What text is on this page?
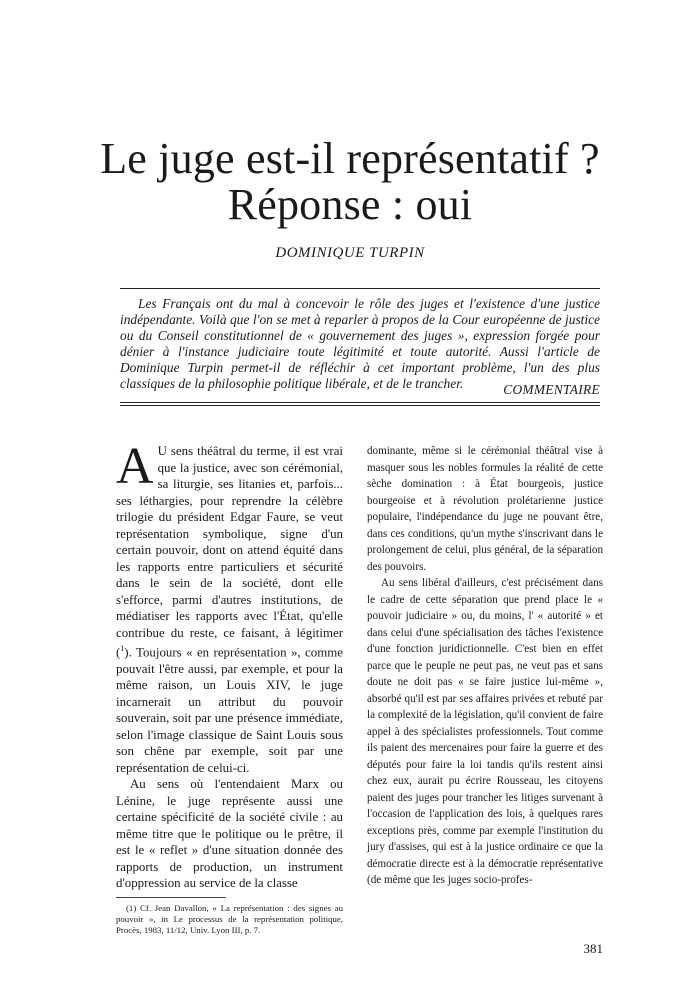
Le juge est-il représentatif ?
Réponse : oui
DOMINIQUE TURPIN

Les Français ont du mal à concevoir le rôle des juges et l'existence d'une justice indépendante. Voilà que l'on se met à reparler à propos de la Cour européenne de justice ou du Conseil constitutionnel de « gouvernement des juges », expression forgée pour dénier à l'instance judiciaire toute légitimité et toute autorité. Aussi l'article de Dominique Turpin permet-il de réfléchir à cet important problème, l'un des plus classiques de la philosophie politique libérale, et de le trancher.	COMMENTAIRE

A U sens théâtral du terme, il est vrai que la justice, avec son cérémonial, sa liturgie, ses litanies et, parfois... ses léthargies, pour reprendre la célèbre trilogie du président Edgar Faure, se veut représentation symbolique, signe d'un certain pouvoir, dont on attend équité dans les rapports entre particuliers et sécurité dans le sein de la société, dont elle s'efforce, parmi d'autres institutions, de médiatiser les rapports avec l'État, qu'elle contribue du reste, ce faisant, à légitimer ($^1$). Toujours « en représentation », comme pouvait l'être aussi, par exemple, et pour la même raison, un Louis XIV, le juge incarnerait un attribut du pouvoir souverain, soit par une présence immédiate, selon l'image classique de Saint Louis sous son chêne par exemple, soit par une représentation de celui-ci.

Au sens où l'entendaient Marx ou Lénine, le juge représente aussi une certaine spécificité de la société civile : au même titre que le politique ou le prêtre, il est le « reflet » d'une situation donnée des rapports de production, un instrument d'oppression au service de la classe

dominante, même si le cérémonial théâtral vise à masquer sous les nobles formules la réalité de cette sèche domination : à État bourgeois, justice bourgeoise et à révolution prolétarienne justice populaire, l'indépendance du juge ne pouvant être, dans ces conditions, qu'un mythe s'inscrivant dans le prolongement de celui, plus général, de la séparation des pouvoirs.

Au sens libéral d'ailleurs, c'est précisément dans le cadre de cette séparation que prend place le « pouvoir judiciaire » ou, du moins, l' « autorité » et dans celui d'une spécialisation des tâches l'existence d'une fonction juridictionnelle. C'est bien en effet parce que le peuple ne peut pas, ne veut pas et sans doute ne doit pas « se faire justice lui-même », absorbé qu'il est par ses affaires privées et rebuté par la complexité de la législation, qu'il convient de faire appel à des spécialistes professionnels. Tout comme ils paient des mercenaires pour faire la guerre et des députés pour faire la loi tandis qu'ils restent ainsi chez eux, aurait pu écrire Rousseau, les citoyens paient des juges pour trancher les litiges survenant à l'occasion de l'application des lois, à quelques rares exceptions près, comme par exemple l'institution du jury d'assises, qui est à la justice ordinaire ce que la démocratie directe est à la démocratie représentative (de même que les juges socio-profes-

(1) Cf. Jean Davallon, « La représentation : des signes au pouvoir », in Le processus de la représentation politique, Procès, 1983, 11/12, Univ. Lyon III, p. 7.

381
